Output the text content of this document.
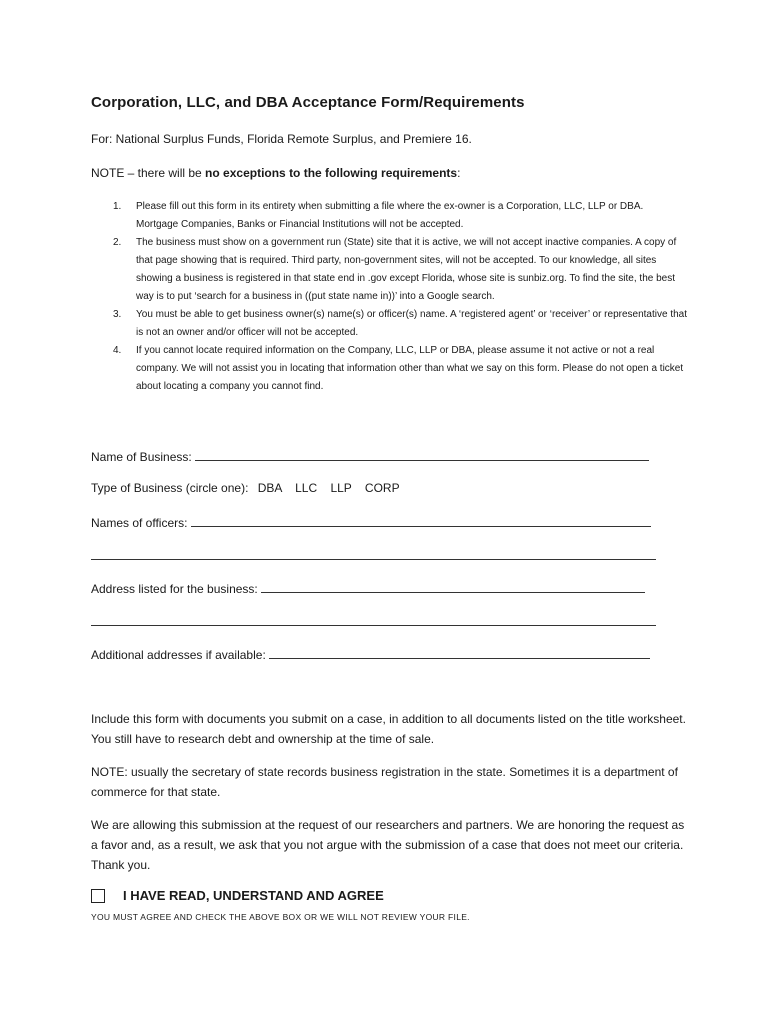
Corporation, LLC, and DBA Acceptance Form/Requirements
For: National Surplus Funds, Florida Remote Surplus, and Premiere 16.
NOTE – there will be no exceptions to the following requirements:
1. Please fill out this form in its entirety when submitting a file where the ex-owner is a Corporation, LLC, LLP or DBA. Mortgage Companies, Banks or Financial Institutions will not be accepted.
2. The business must show on a government run (State) site that it is active, we will not accept inactive companies. A copy of that page showing that is required. Third party, non-government sites, will not be accepted. To our knowledge, all sites showing a business is registered in that state end in .gov except Florida, whose site is sunbiz.org. To find the site, the best way is to put ‘search for a business in ((put state name in))’ into a Google search.
3. You must be able to get business owner(s) name(s) or officer(s) name. A ‘registered agent’ or ‘receiver’ or representative that is not an owner and/or officer will not be accepted.
4. If you cannot locate required information on the Company, LLC, LLP or DBA, please assume it not active or not a real company. We will not assist you in locating that information other than what we say on this form. Please do not open a ticket about locating a company you cannot find.
Name of Business:
Type of Business (circle one): DBA    LLC    LLP    CORP
Names of officers:
Address listed for the business:
Additional addresses if available:
Include this form with documents you submit on a case, in addition to all documents listed on the title worksheet. You still have to research debt and ownership at the time of sale.
NOTE: usually the secretary of state records business registration in the state. Sometimes it is a department of commerce for that state.
We are allowing this submission at the request of our researchers and partners. We are honoring the request as a favor and, as a result, we ask that you not argue with the submission of a case that does not meet our criteria. Thank you.
I HAVE READ, UNDERSTAND AND AGREE
YOU MUST AGREE AND CHECK THE ABOVE BOX OR WE WILL NOT REVIEW YOUR FILE.
